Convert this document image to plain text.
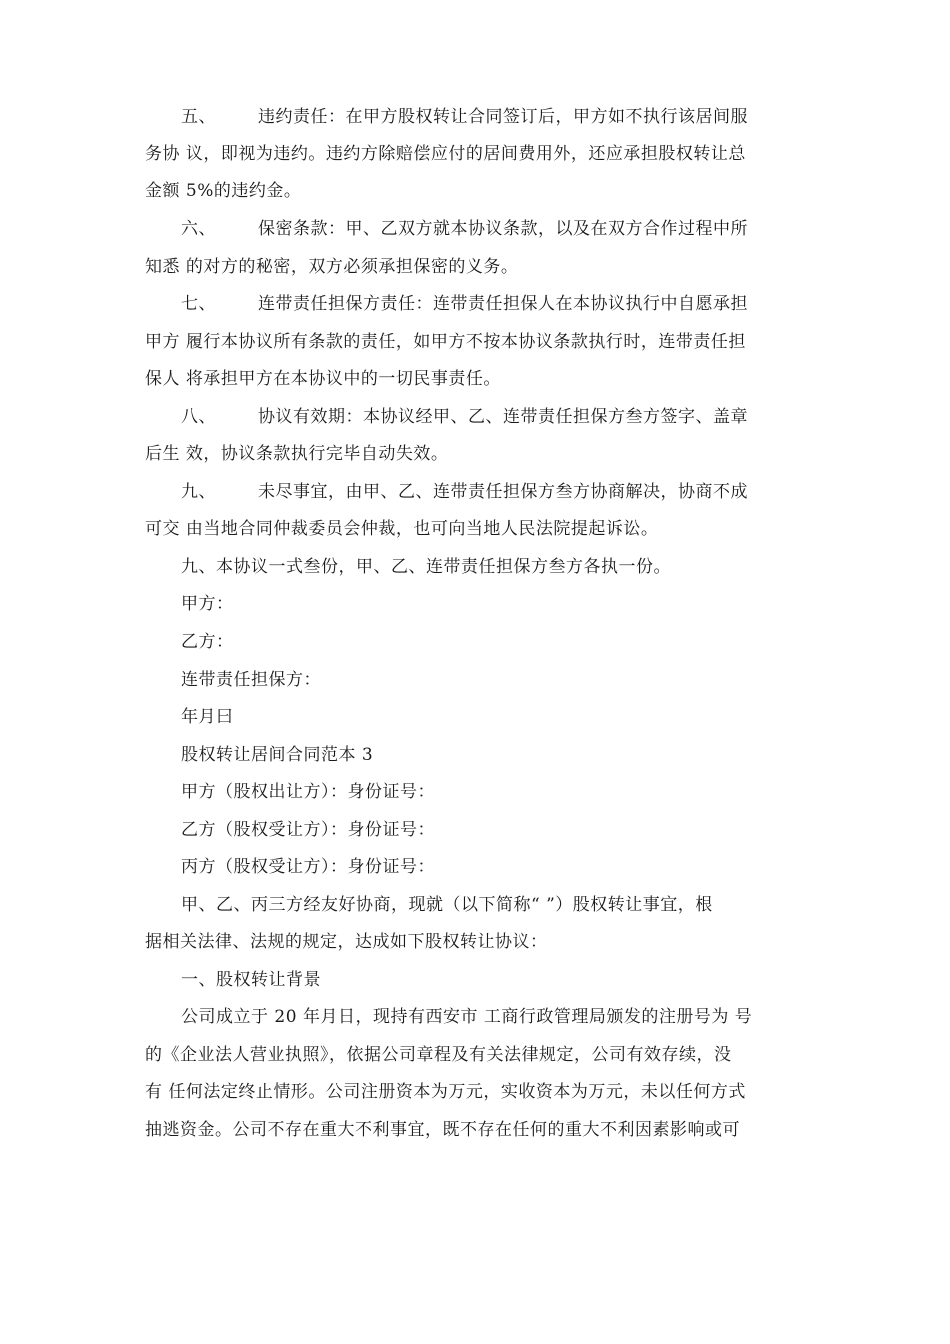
五、 违约责任：在甲方股权转让合同签订后，甲方如不执行该居间服
务协 议，即视为违约。违约方除赔偿应付的居间费用外，还应承担股权转让总
金额 5%的违约金。
六、 保密条款：甲、乙双方就本协议条款，以及在双方合作过程中所
知悉 的对方的秘密，双方必须承担保密的义务。
七、 连带责任担保方责任：连带责任担保人在本协议执行中自愿承担
甲方 履行本协议所有条款的责任，如甲方不按本协议条款执行时，连带责任担
保人 将承担甲方在本协议中的一切民事责任。
八、 协议有效期：本协议经甲、乙、连带责任担保方叁方签字、盖章
后生 效，协议条款执行完毕自动失效。
九、 未尽事宜，由甲、乙、连带责任担保方叁方协商解决，协商不成
可交 由当地合同仲裁委员会仲裁，也可向当地人民法院提起诉讼。
九、本协议一式叁份，甲、乙、连带责任担保方叁方各执一份。
甲方：
乙方：
连带责任担保方：
年月曰
股权转让居间合同范本 3
甲方（股权出让方）：身份证号：
乙方（股权受让方）：身份证号：
丙方（股权受让方）：身份证号：
甲、乙、丙三方经友好协商，现就（以下简称“ ”）股权转让事宜，根
据相关法律、法规的规定，达成如下股权转让协议：
一、股权转让背景
公司成立于 20 年月日，现持有西安市 工商行政管理局颁发的注册号为 号
的《企业法人营业执照》，依据公司章程及有关法律规定，公司有效存续，没
有 任何法定终止情形。公司注册资本为万元，实收资本为万元，未以任何方式
抽逃资金。公司不存在重大不利事宜，既不存在任何的重大不利因素影响或可
